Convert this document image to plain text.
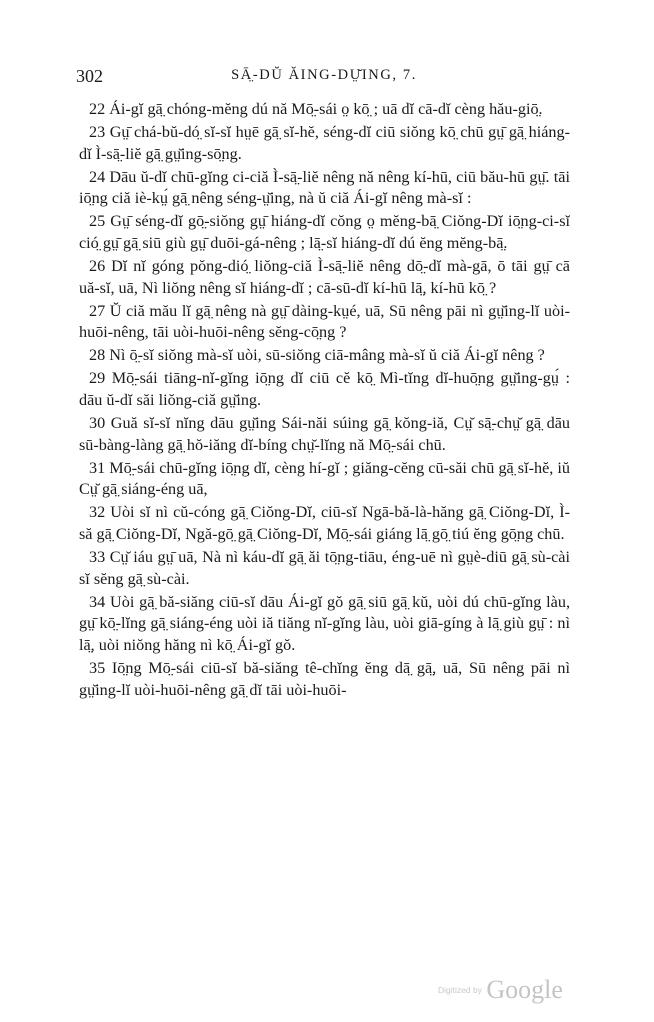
302	SĀ̤-DŬ ĂING-DṲ̆ING, 7.

22 Ái-gĭ gā̤ chóng-mĕng dú nă Mō̤-sái o̤ kō̤ ; uā dĭ cā-dĭ cèng hău-giō̤.

23 Gṳ̄ chá-bŭ-dó̤ sĭ-sĭ hṳē gā̤ sĭ-hĕ, séng-dĭ ciū siŏng kō̤ chū gṳ̄ gā̤ hiáng-dĭ Ì-sā̤-liĕ gā̤ gṳ̆ing-sō̤ng.

24 Dāu ŭ-dĭ chū-gĭng ci-ciă Ì-sā̤-liĕ nêng nă nêng kí-hū, ciū bău-hū gṳ̄. tāi iō̤ng ciă iè-kṳ́ gā̤ nêng séng-ṳ̆ing, nà ŭ ciă Ái-gĭ nêng mà-sĭ :

25 Gṳ̄ séng-dĭ gō̤-siŏng gṳ̄ hiáng-dĭ cŏng o̤ mĕng-bā̤ Ciŏng-Dĭ iō̤ng-ci-sĭ ció̤ gṳ̄ gā̤ siū giù gṳ̄ duōi-gá-nêng ; lā̤-sĭ hiáng-dĭ dú ĕng mĕng-bā̤.

26 Dĭ nĭ góng pŏng-dió̤ liŏng-ciă Ì-sā̤-liĕ nêng dō̤-dĭ mà-gā, ō tāi gṳ̄ cā uă-sĭ, uā, Nì liŏng nêng sĭ hiáng-dĭ ; cā-sū-dĭ kí-hū lā̤, kí-hū kō̤ ?

27 Ŭ ciă mău lĭ gā̤ nêng nà gṳ̄ dàing-kṳé, uā, Sū nêng pāi nì gṳ̆ing-lĭ uòi-huōi-nêng, tāi uòi-huōi-nêng sĕng-cō̤ng ?

28 Nì ō̤-sĭ siŏng mà-sĭ uòi, sū-siŏng ciā-mâng mà-sĭ ŭ ciă Ái-gĭ nêng ?

29 Mō̤-sái tiāng-nĭ-gĭng iō̤ng dĭ ciū cĕ kō̤ Mì-tĭng dĭ-huō̤ng gṳ̆ing-gṳ́ : dāu ŭ-dĭ săi liŏng-ciă gṳ̆ing.

30 Guă sĭ-sĭ nĭng dāu gṳ̆ing Sái-năi súing gā̤ kŏng-iă, Cṳ̆ sā̤-chṳ̆ gā̤ dāu sū-bàng-làng gā̤ hŏ-iăng dĭ-bíng chṳ̆-lĭng nă Mō̤-sái chū.

31 Mō̤-sái chū-gĭng iō̤ng dĭ, cèng hí-gĭ ; giăng-cĕng cū-săi chū gā̤ sĭ-hĕ, iŭ Cṳ̆ gā̤ siáng-éng uā,

32 Uòi sĭ nì cŭ-cóng gā̤ Ciŏng-Dĭ, ciū-sĭ Ngā-bă-là-hăng gā̤ Ciŏng-Dĭ, Ì-să gā̤ Ciŏng-Dĭ, Ngă-gō̤ gā̤ Ciŏng-Dĭ, Mō̤-sái giáng lā̤ gō̤ tiú ĕng gō̤ng chū.

33 Cṳ̆ iáu gṳ̄ uā, Nà nì káu-dĭ gā̤ ăi tō̤ng-tiāu, éng-uē nì gṳè-diū gā̤ sù-cài sĭ sĕng gā̤ sù-cài.

34 Uòi gā̤ bă-siăng ciū-sĭ dāu Ái-gĭ gŏ gā̤ siū gā̤ kŭ, uòi dú chū-gĭng làu, gṳ̄ kō̤-lĭng gā̤ siáng-éng uòi iă tiăng nĭ-gĭng làu, uòi giā-gíng à lā̤ giù gṳ̄ : nì lā̤, uòi niŏng hăng nì kō̤ Ái-gĭ gŏ.

35 Iō̤ng Mō̤-sái ciū-sĭ bă-siăng tê-chĭng ĕng dā̤ gā̤, uā, Sū nêng pāi nì gṳ̆ing-lĭ uòi-huōi-nêng gā̤ dĭ tāi uòi-huōi-

Digitized by Google
